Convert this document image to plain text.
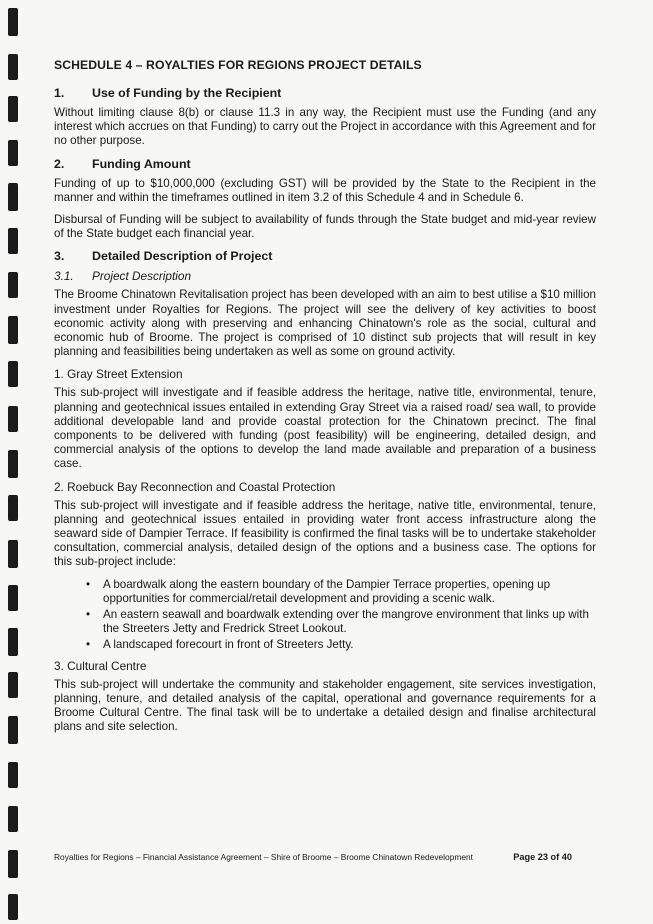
SCHEDULE 4 – ROYALTIES FOR REGIONS PROJECT DETAILS
1.	Use of Funding by the Recipient

Without limiting clause 8(b) or clause 11.3 in any way, the Recipient must use the Funding (and any interest which accrues on that Funding) to carry out the Project in accordance with this Agreement and for no other purpose.

2.	Funding Amount

Funding of up to $10,000,000 (excluding GST) will be provided by the State to the Recipient in the manner and within the timeframes outlined in item 3.2 of this Schedule 4 and in Schedule 6.

Disbursal of Funding will be subject to availability of funds through the State budget and mid-year review of the State budget each financial year.

3.	Detailed Description of Project
3.1.	Project Description

The Broome Chinatown Revitalisation project has been developed with an aim to best utilise a $10 million investment under Royalties for Regions. The project will see the delivery of key activities to boost economic activity along with preserving and enhancing Chinatown's role as the social, cultural and economic hub of Broome. The project is comprised of 10 distinct sub projects that will result in key planning and feasibilities being undertaken as well as some on ground activity.

1. Gray Street Extension

This sub-project will investigate and if feasible address the heritage, native title, environmental, tenure, planning and geotechnical issues entailed in extending Gray Street via a raised road/ sea wall, to provide additional developable land and provide coastal protection for the Chinatown precinct. The final components to be delivered with funding (post feasibility) will be engineering, detailed design, and commercial analysis of the options to develop the land made available and preparation of a business case.

2. Roebuck Bay Reconnection and Coastal Protection

This sub-project will investigate and if feasible address the heritage, native title, environmental, tenure, planning and geotechnical issues entailed in providing water front access infrastructure along the seaward side of Dampier Terrace. If feasibility is confirmed the final tasks will be to undertake stakeholder consultation, commercial analysis, detailed design of the options and a business case. The options for this sub-project include:

•	A boardwalk along the eastern boundary of the Dampier Terrace properties, opening up opportunities for commercial/retail development and providing a scenic walk.
•	An eastern seawall and boardwalk extending over the mangrove environment that links up with the Streeters Jetty and Fredrick Street Lookout.
•	A landscaped forecourt in front of Streeters Jetty.
3. Cultural Centre

This sub-project will undertake the community and stakeholder engagement, site services investigation, planning, tenure, and detailed analysis of the capital, operational and governance requirements for a Broome Cultural Centre. The final task will be to undertake a detailed design and finalise architectural plans and site selection.

Royalties for Regions – Financial Assistance Agreement – Shire of Broome – Broome Chinatown Redevelopment	Page 23 of 40
